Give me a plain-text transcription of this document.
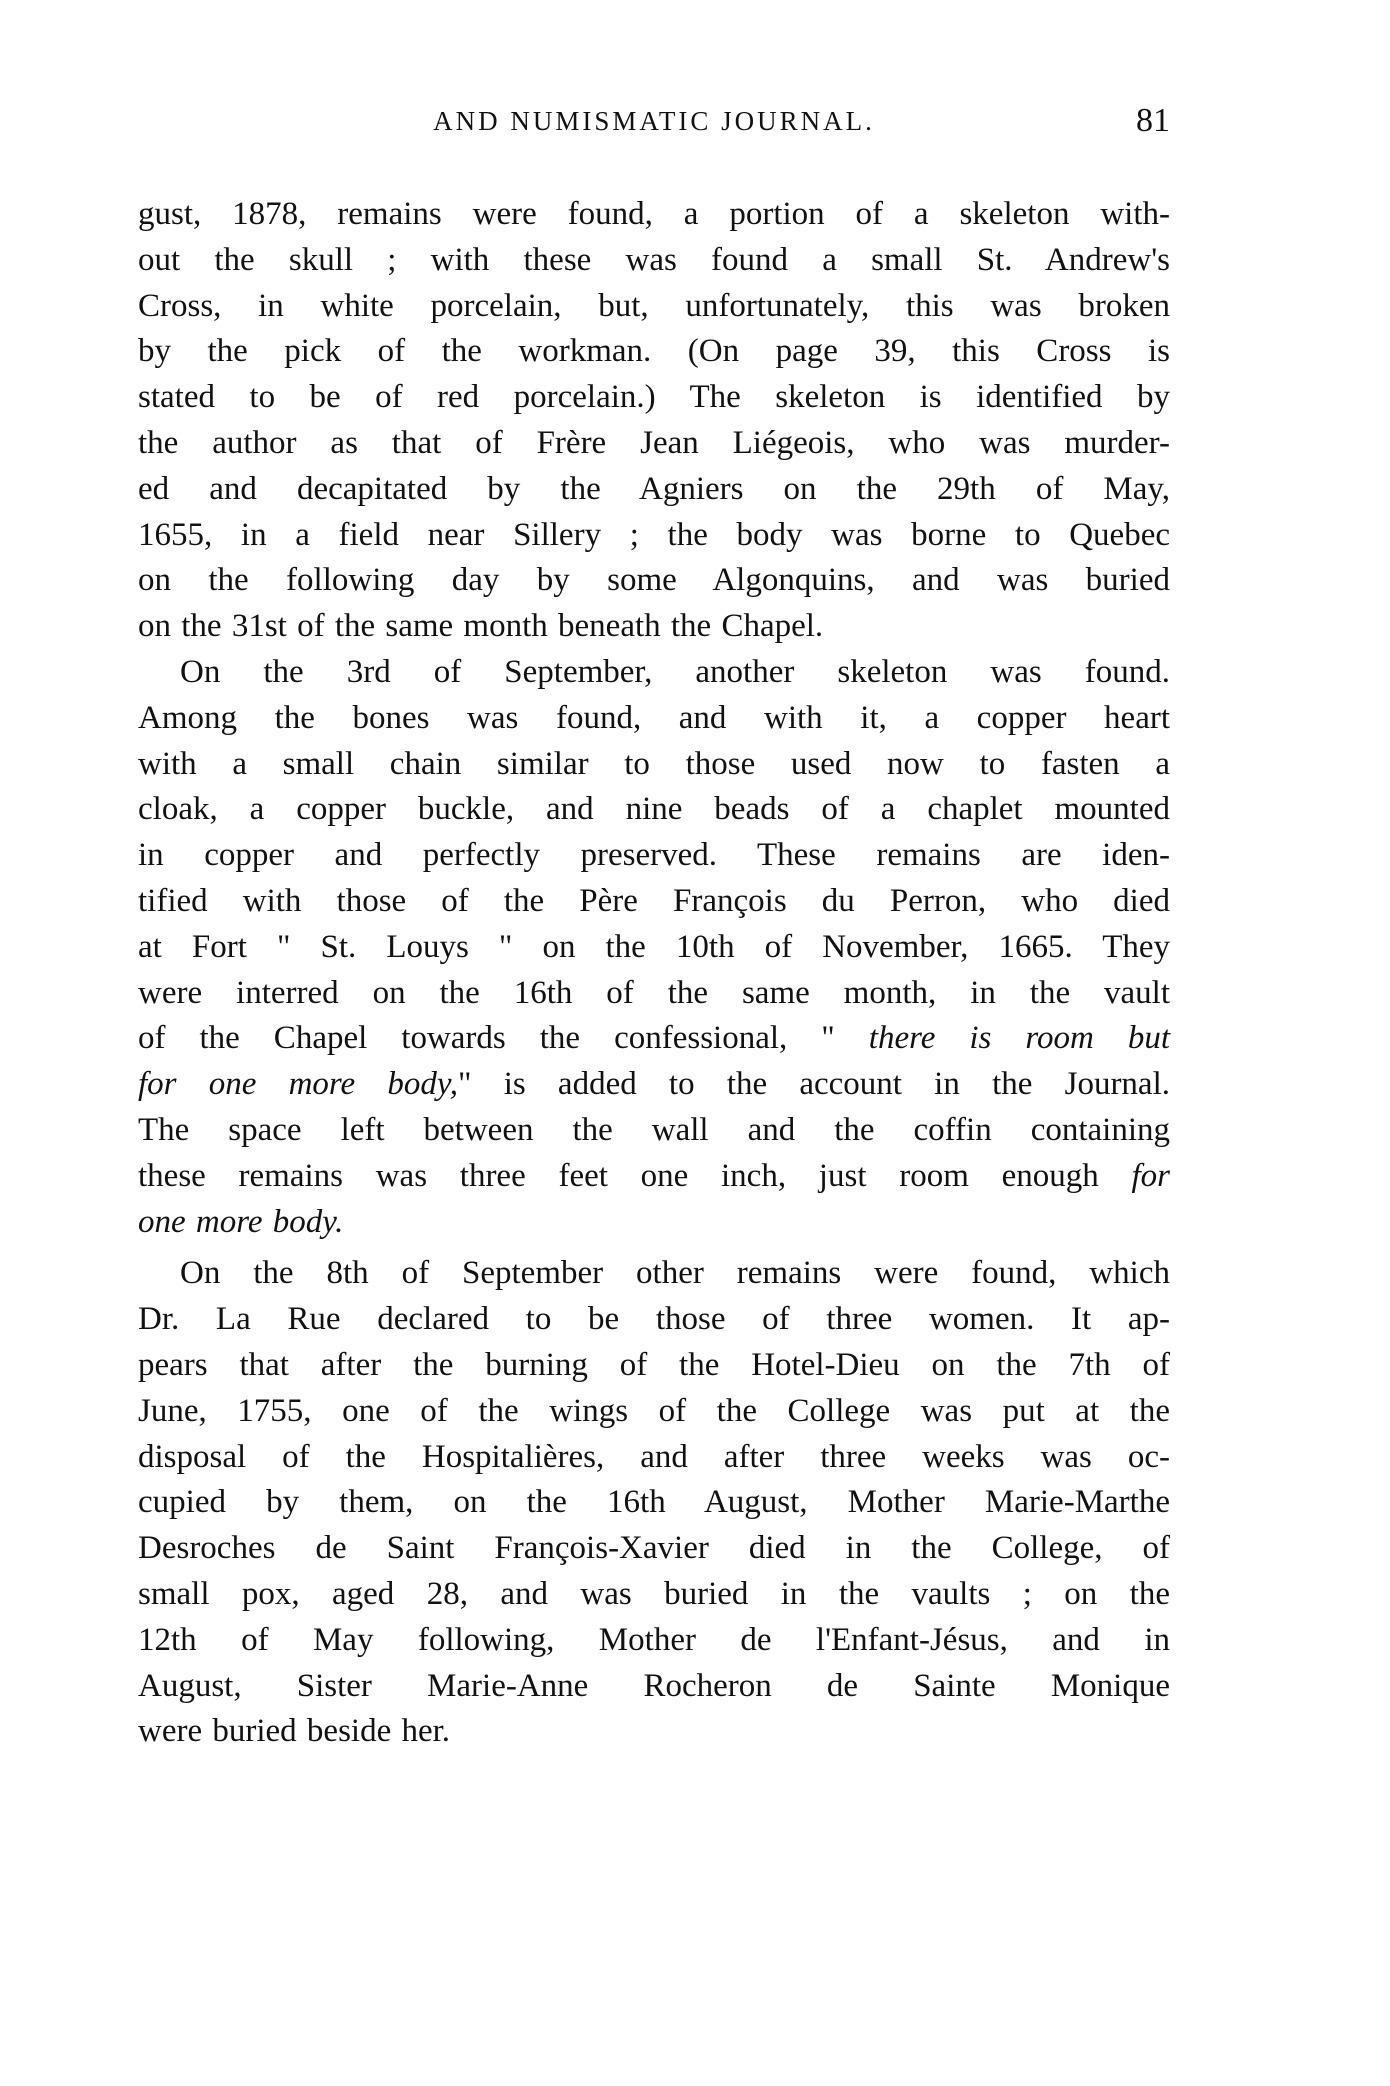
AND NUMISMATIC JOURNAL.	81
gust, 1878, remains were found, a portion of a skeleton with-
out the skull ; with these was found a small St. Andrew's
Cross, in white porcelain, but, unfortunately, this was broken
by the pick of the workman. (On page 39, this Cross is
stated to be of red porcelain.) The skeleton is identified by
the author as that of Frère Jean Liégeois, who was murder-
ed and decapitated by the Agniers on the 29th of May,
1655, in a field near Sillery ; the body was borne to Quebec
on the following day by some Algonquins, and was buried
on the 31st of the same month beneath the Chapel.
On the 3rd of September, another skeleton was found.
Among the bones was found, and with it, a copper heart
with a small chain similar to those used now to fasten a
cloak, a copper buckle, and nine beads of a chaplet mounted
in copper and perfectly preserved. These remains are iden-
tified with those of the Père François du Perron, who died
at Fort " St. Louys " on the 10th of November, 1665. They
were interred on the 16th of the same month, in the vault
of the Chapel towards the confessional, " there is room but
for one more body," is added to the account in the Journal.
The space left between the wall and the coffin containing
these remains was three feet one inch, just room enough for
one more body.
On the 8th of September other remains were found, which
Dr. La Rue declared to be those of three women. It ap-
pears that after the burning of the Hotel-Dieu on the 7th of
June, 1755, one of the wings of the College was put at the
disposal of the Hospitalières, and after three weeks was oc-
cupied by them, on the 16th August, Mother Marie-Marthe
Desroches de Saint François-Xavier died in the College, of
small pox, aged 28, and was buried in the vaults ; on the
12th of May following, Mother de l'Enfant-Jésus, and in
August, Sister Marie-Anne Rocheron de Sainte Monique
were buried beside her.
